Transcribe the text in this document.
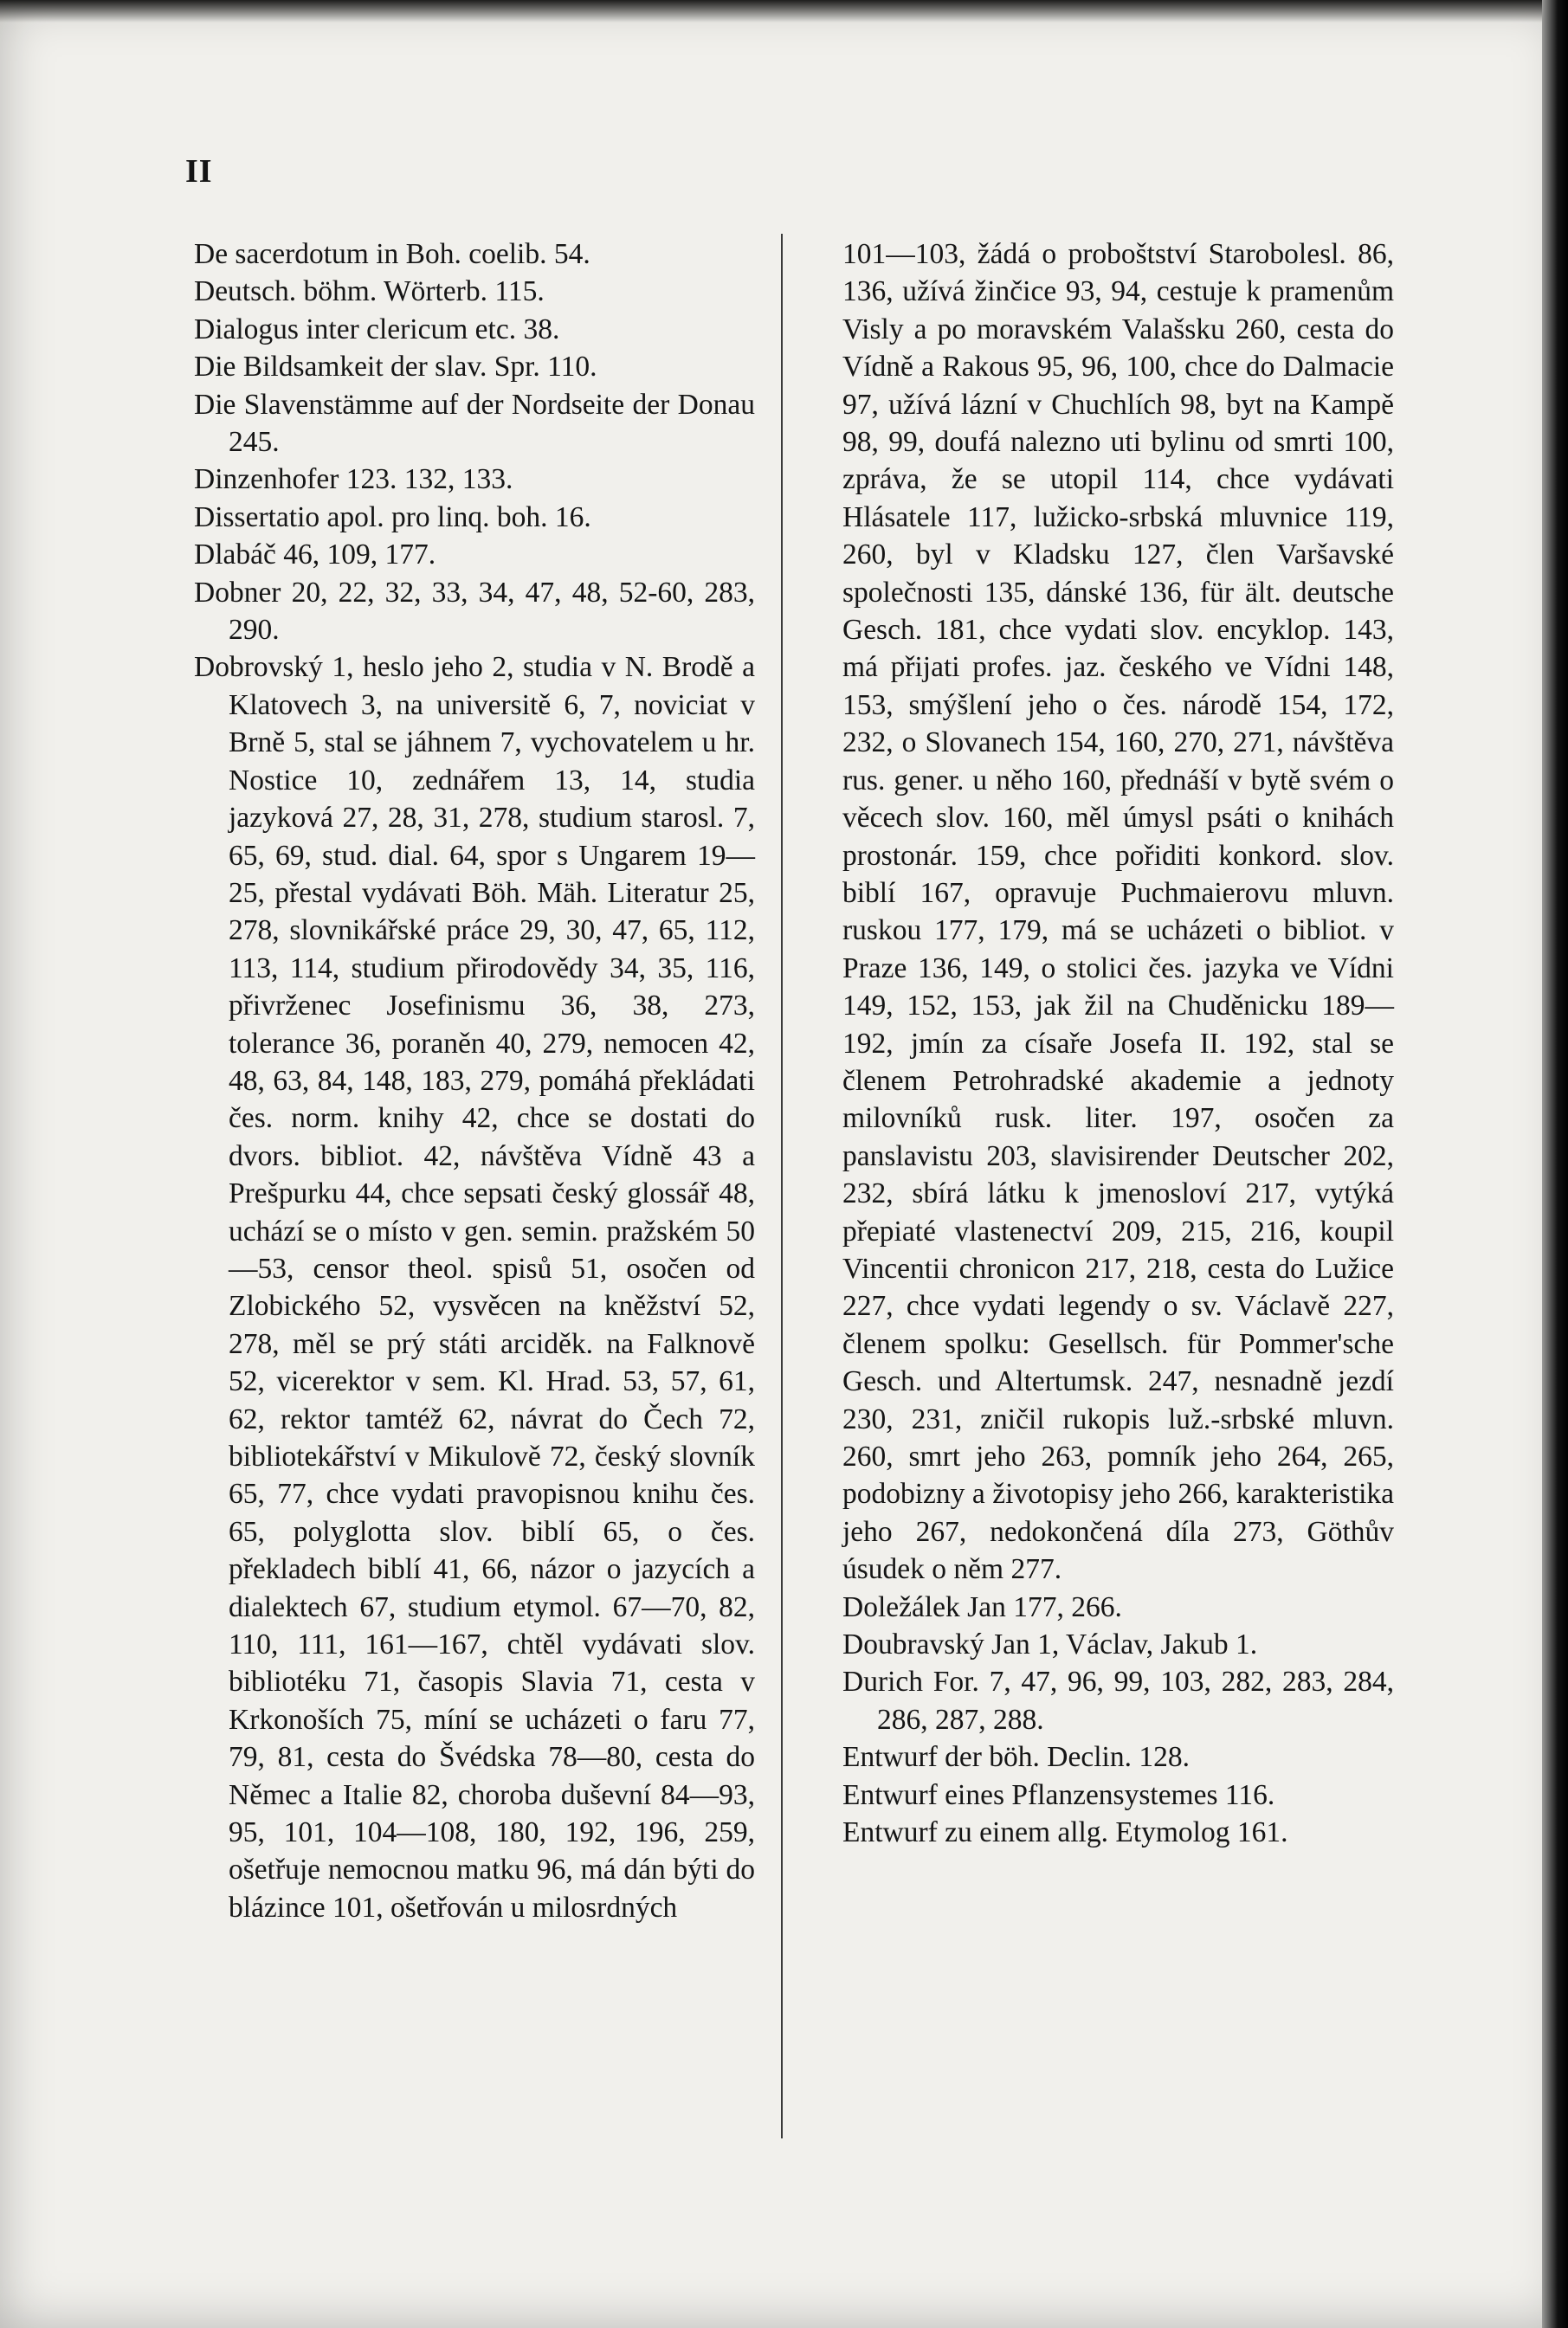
II

De sacerdotum in Boh. coelib. 54.

Deutsch. böhm. Wörterb. 115.

Dialogus inter clericum etc. 38.

Die Bildsamkeit der slav. Spr. 110.

Die Slavenstämme auf der Nordseite der Donau 245.

Dinzenhofer 123. 132, 133.

Dissertatio apol. pro linq. boh. 16.

Dlabáč 46, 109, 177.

Dobner 20, 22, 32, 33, 34, 47, 48, 52-60, 283, 290.

Dobrovský 1, heslo jeho 2, studia v N. Brodě a Klatovech 3, na universitě 6, 7, noviciat v Brně 5, stal se jáhnem 7, vychovatelem u hr. Nostice 10, zednářem 13, 14, studia jazyková 27, 28, 31, 278, studium starosl. 7, 65, 69, stud. dial. 64, spor s Ungarem 19—25, přestal vydávati Böh. Mäh. Literatur 25, 278, slovnikářské práce 29, 30, 47, 65, 112, 113, 114, studium přirodovědy 34, 35, 116, přivrženec Josefinismu 36, 38, 273, tolerance 36, poraněn 40, 279, nemocen 42, 48, 63, 84, 148, 183, 279, pomáhá překládati čes. norm. knihy 42, chce se dostati do dvors. bibliot. 42, návštěva Vídně 43 a Prešpurku 44, chce sepsati český glossář 48, uchází se o místo v gen. semin. pražském 50—53, censor theol. spisů 51, osočen od Zlobického 52, vysvěcen na kněžství 52, 278, měl se prý státi arciděk. na Falknově 52, vicerektor v sem. Kl. Hrad. 53, 57, 61, 62, rektor tamtéž 62, návrat do Čech 72, bibliotekářství v Mikulově 72, český slovník 65, 77, chce vydati pravopisnou knihu čes. 65, polyglotta slov. biblí 65, o čes. překladech biblí 41, 66, názor o jazycích a dialektech 67, studium etymol. 67—70, 82, 110, 111, 161—167, chtěl vydávati slov. bibliotéku 71, časopis Slavia 71, cesta v Krkonoších 75, míní se ucházeti o faru 77, 79, 81, cesta do Švédska 78—80, cesta do Němec a Italie 82, choroba duševní 84—93, 95, 101, 104—108, 180, 192, 196, 259, ošetřuje nemocnou matku 96, má dán býti do blázince 101, ošetřován u milosrdných

101—103, žádá o proboštství Starobolesl. 86, 136, užívá žinčice 93, 94, cestuje k pramenům Visly a po moravském Valašsku 260, cesta do Vídně a Rakous 95, 96, 100, chce do Dalmacie 97, užívá lázní v Chuchlích 98, byt na Kampě 98, 99, doufá nalezno uti bylinu od smrti 100, zpráva, že se utopil 114, chce vydávati Hlásatele 117, lužicko-srbská mluvnice 119, 260, byl v Kladsku 127, člen Varšavské společnosti 135, dánské 136, für ält. deutsche Gesch. 181, chce vydati slov. encyklop. 143, má přijati profes. jaz. českého ve Vídni 148, 153, smýšlení jeho o čes. národě 154, 172, 232, o Slovanech 154, 160, 270, 271, návštěva rus. gener. u něho 160, přednáší v bytě svém o věcech slov. 160, měl úmysl psáti o knihách prostonár. 159, chce pořiditi konkord. slov. biblí 167, opravuje Puchmaierovu mluvn. ruskou 177, 179, má se ucházeti o bibliot. v Praze 136, 149, o stolici čes. jazyka ve Vídni 149, 152, 153, jak žil na Chuděnicku 189—192, jmín za císaře Josefa II. 192, stal se členem Petrohradské akademie a jednoty milovníků rusk. liter. 197, osočen za panslavistu 203, slavisirender Deutscher 202, 232, sbírá látku k jmenosloví 217, vytýká přepiaté vlastenectví 209, 215, 216, koupil Vincentii chronicon 217, 218, cesta do Lužice 227, chce vydati legendy o sv. Václavě 227, členem spolku: Gesellsch. für Pommer'sche Gesch. und Altertumsk. 247, nesnadně jezdí 230, 231, zničil rukopis luž.-srbské mluvn. 260, smrt jeho 263, pomník jeho 264, 265, podobizny a životopisy jeho 266, karakteristika jeho 267, nedokončená díla 273, Göthův úsudek o něm 277.

Doležálek Jan 177, 266.

Doubravský Jan 1, Václav, Jakub 1.

Durich For. 7, 47, 96, 99, 103, 282, 283, 284, 286, 287, 288.

Entwurf der böh. Declin. 128.

Entwurf eines Pflanzensystemes 116.

Entwurf zu einem allg. Etymolog 161.
